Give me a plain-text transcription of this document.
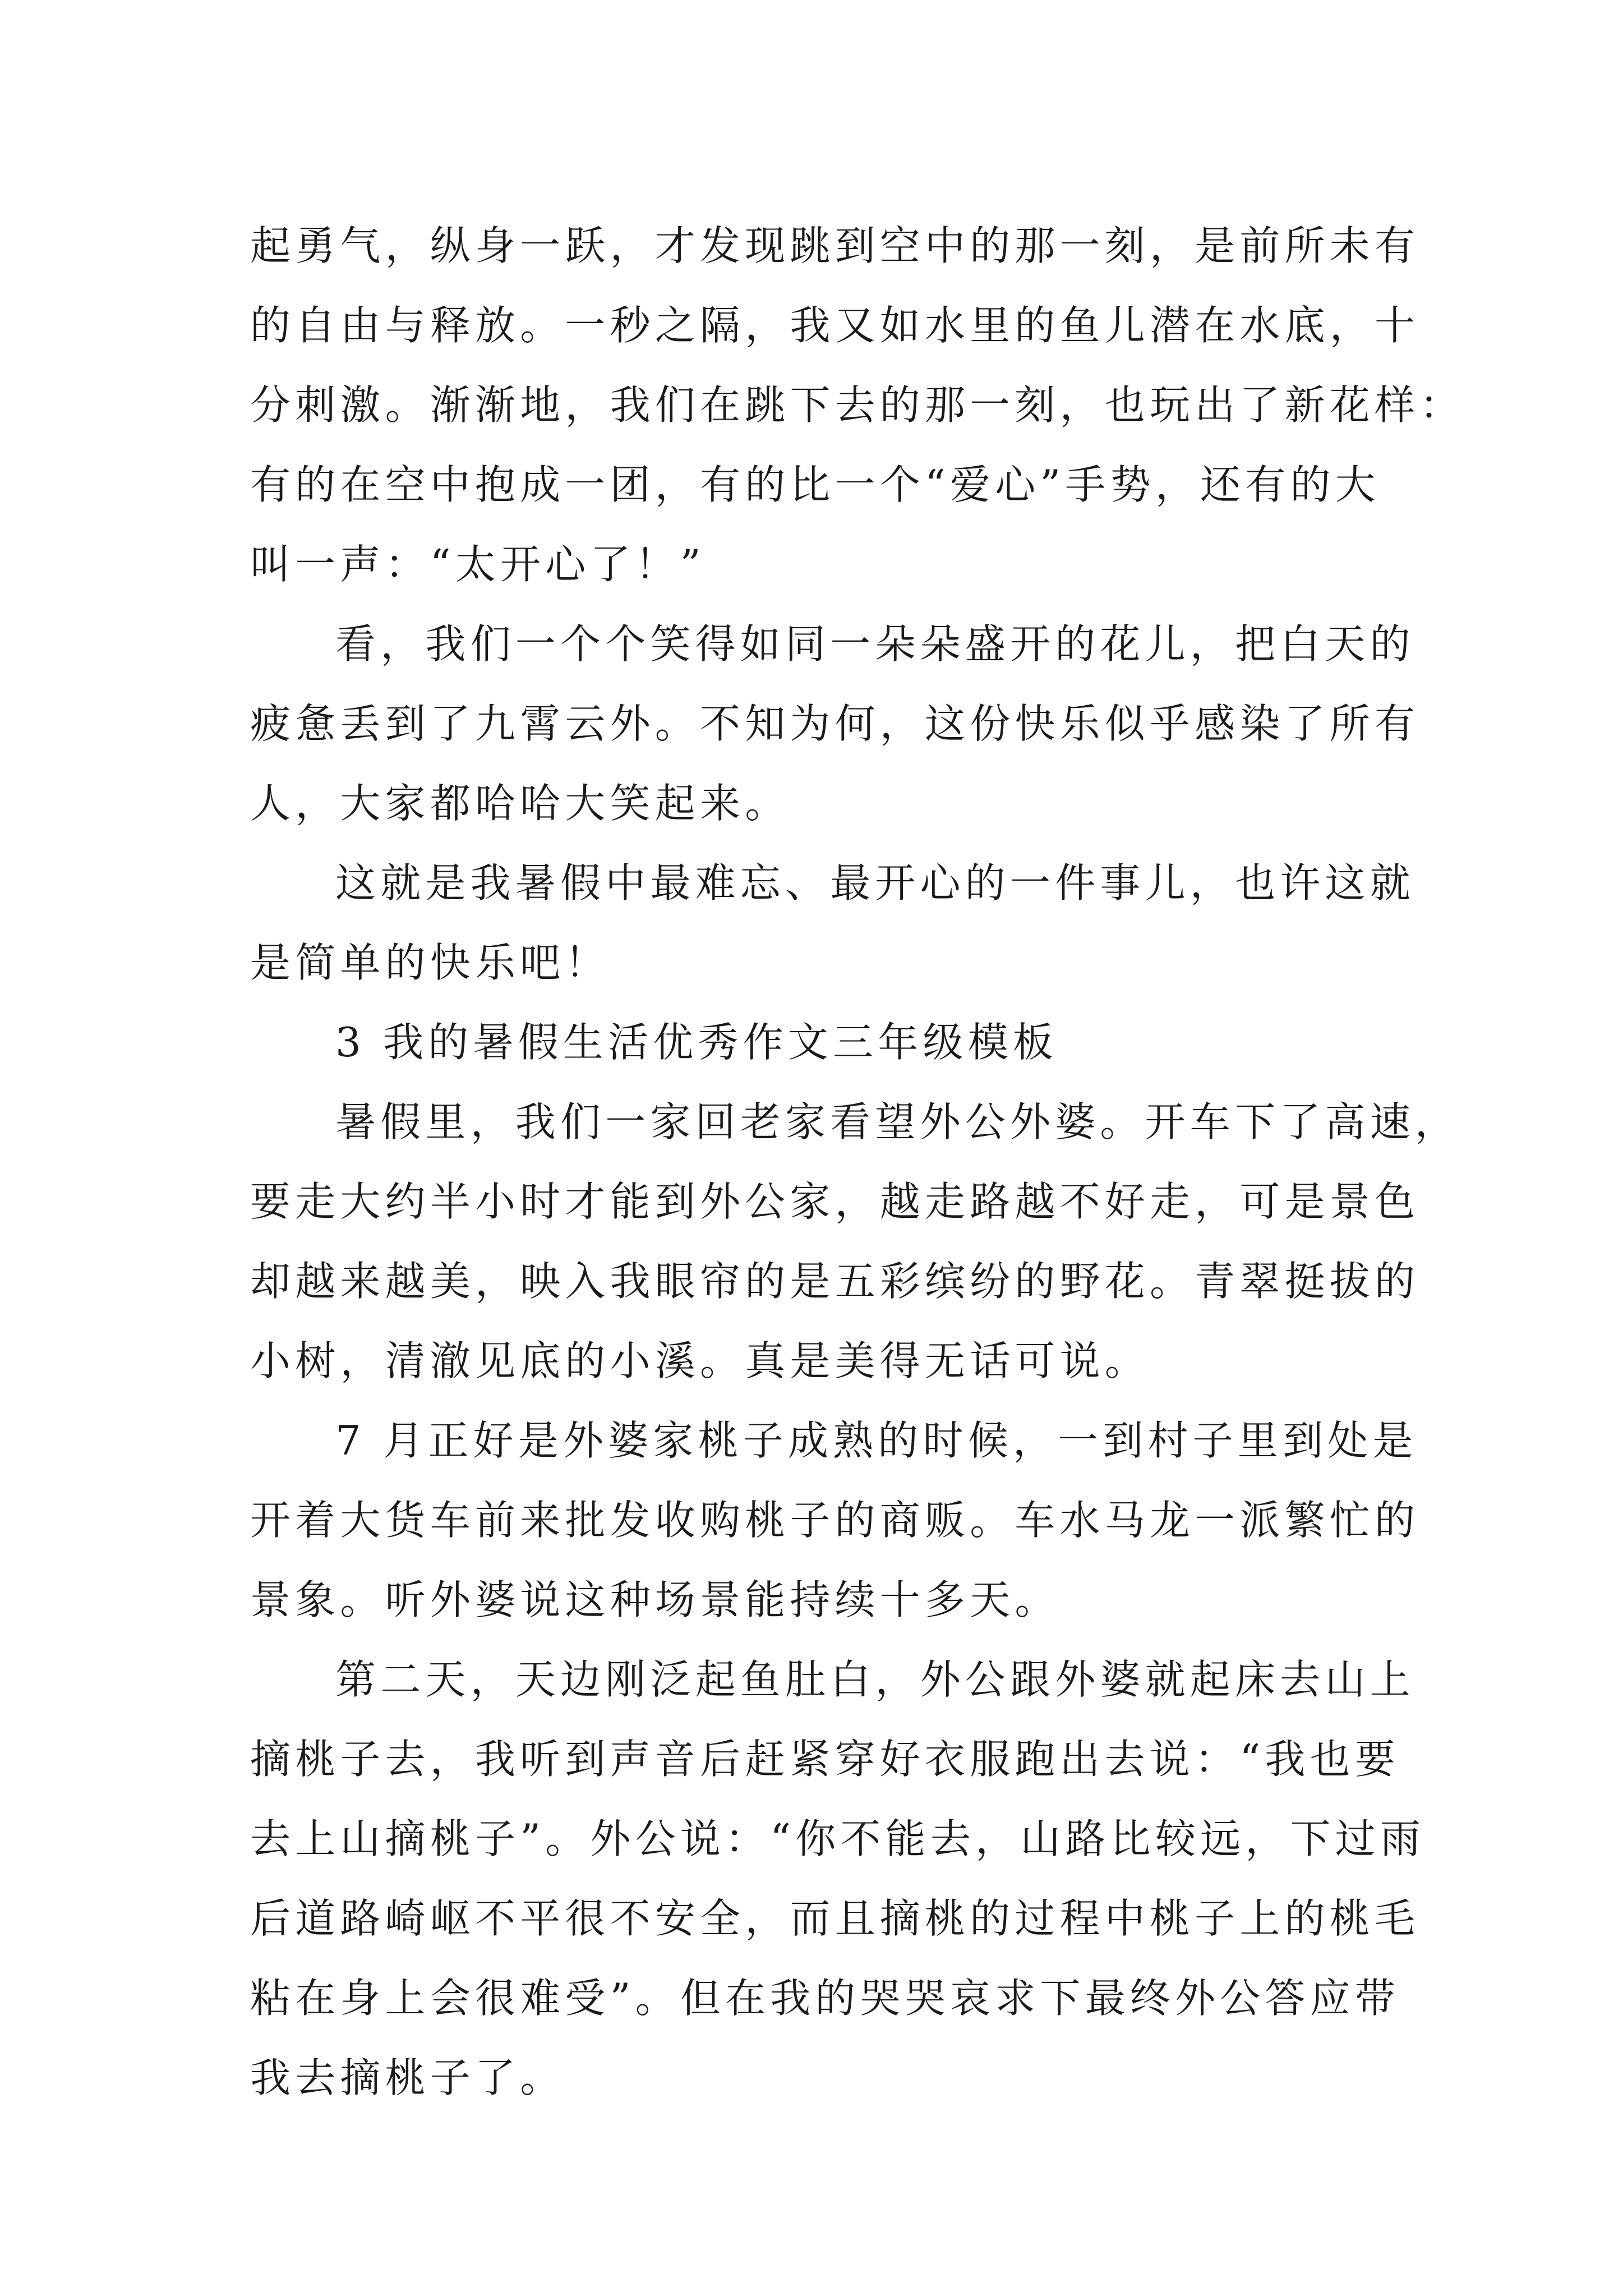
起勇气，纵身一跃，才发现跳到空中的那一刻，是前所未有

的自由与释放。一秒之隔，我又如水里的鱼儿潜在水底，十

分刺激。渐渐地，我们在跳下去的那一刻，也玩出了新花样：

有的在空中抱成一团，有的比一个“爱心”手势，还有的大

叫一声：“太开心了！”

看，我们一个个笑得如同一朵朵盛开的花儿，把白天的

疲惫丢到了九霄云外。不知为何，这份快乐似乎感染了所有

人，大家都哈哈大笑起来。

这就是我暑假中最难忘、最开心的一件事儿，也许这就

是简单的快乐吧！

3 我的暑假生活优秀作文三年级模板

暑假里，我们一家回老家看望外公外婆。开车下了高速，

要走大约半小时才能到外公家，越走路越不好走，可是景色

却越来越美，映入我眼帘的是五彩缤纷的野花。青翠挺拔的

小树，清澈见底的小溪。真是美得无话可说。

7 月正好是外婆家桃子成熟的时候，一到村子里到处是

开着大货车前来批发收购桃子的商贩。车水马龙一派繁忙的

景象。听外婆说这种场景能持续十多天。

第二天，天边刚泛起鱼肚白，外公跟外婆就起床去山上

摘桃子去，我听到声音后赶紧穿好衣服跑出去说：“我也要

去上山摘桃子”。外公说：“你不能去，山路比较远，下过雨

后道路崎岖不平很不安全，而且摘桃的过程中桃子上的桃毛

粘在身上会很难受”。但在我的哭哭哀求下最终外公答应带

我去摘桃子了。
